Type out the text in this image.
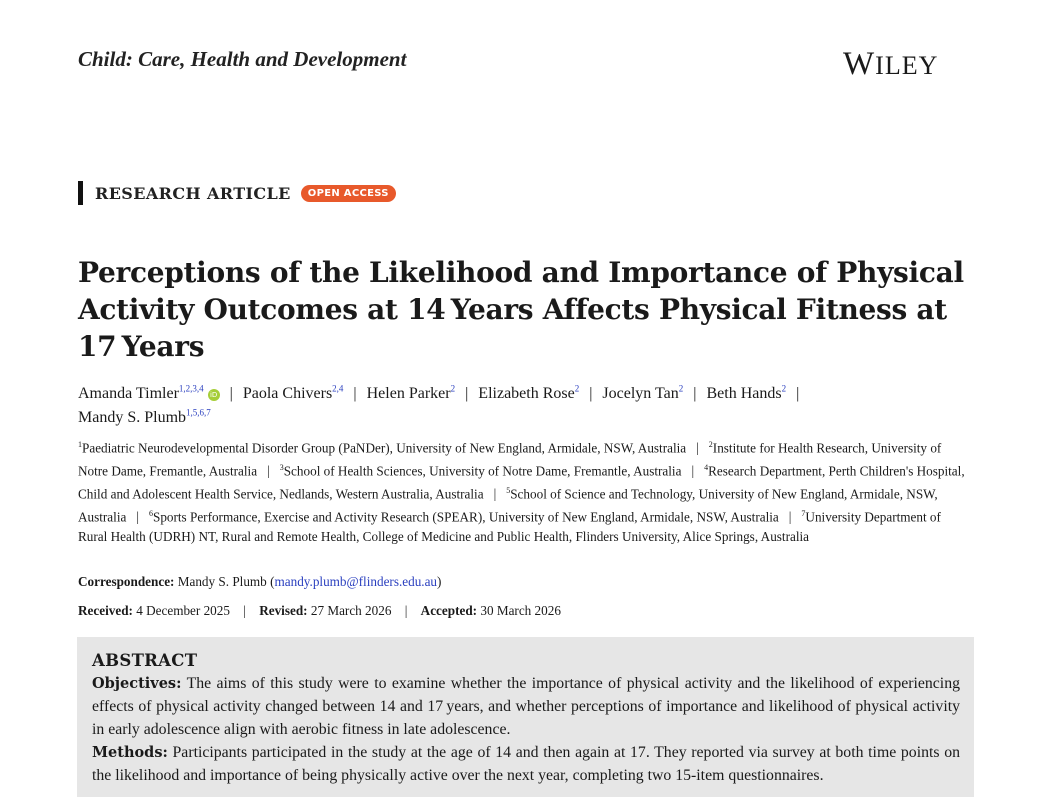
Child: Care, Health and Development	WILEY
RESEARCH ARTICLE	OPEN ACCESS
Perceptions of the Likelihood and Importance of Physical Activity Outcomes at 14 Years Affects Physical Fitness at 17 Years
Amanda Timler$^{1,2,3,4}$iD | Paola Chivers$^{2,4}$ | Helen Parker$^2$ | Elizabeth Rose$^2$ | Jocelyn Tan$^2$ | Beth Hands$^2$ |
Mandy S. Plumb$^{1,5,6,7}$
$^1$Paediatric Neurodevelopmental Disorder Group (PaNDer), University of New England, Armidale, NSW, Australia | $^2$Institute for Health Research, University of Notre Dame, Fremantle, Australia | $^3$School of Health Sciences, University of Notre Dame, Fremantle, Australia | $^4$Research Department, Perth Children's Hospital, Child and Adolescent Health Service, Nedlands, Western Australia, Australia | $^5$School of Science and Technology, University of New England, Armidale, NSW, Australia | $^6$Sports Performance, Exercise and Activity Research (SPEAR), University of New England, Armidale, NSW, Australia | $^7$University Department of Rural Health (UDRH) NT, Rural and Remote Health, College of Medicine and Public Health, Flinders University, Alice Springs, Australia
Correspondence: Mandy S. Plumb (mandy.plumb@flinders.edu.au)
Received: 4 December 2025 | Revised: 27 March 2026 | Accepted: 30 March 2026
ABSTRACT

Objectives: The aims of this study were to examine whether the importance of physical activity and the likelihood of experiencing effects of physical activity changed between 14 and 17 years, and whether perceptions of importance and likelihood of physical activity in early adolescence align with aerobic fitness in late adolescence.

Methods: Participants participated in the study at the age of 14 and then again at 17. They reported via survey at both time points on the likelihood and importance of being physically active over the next year, completing two 15-item questionnaires.
